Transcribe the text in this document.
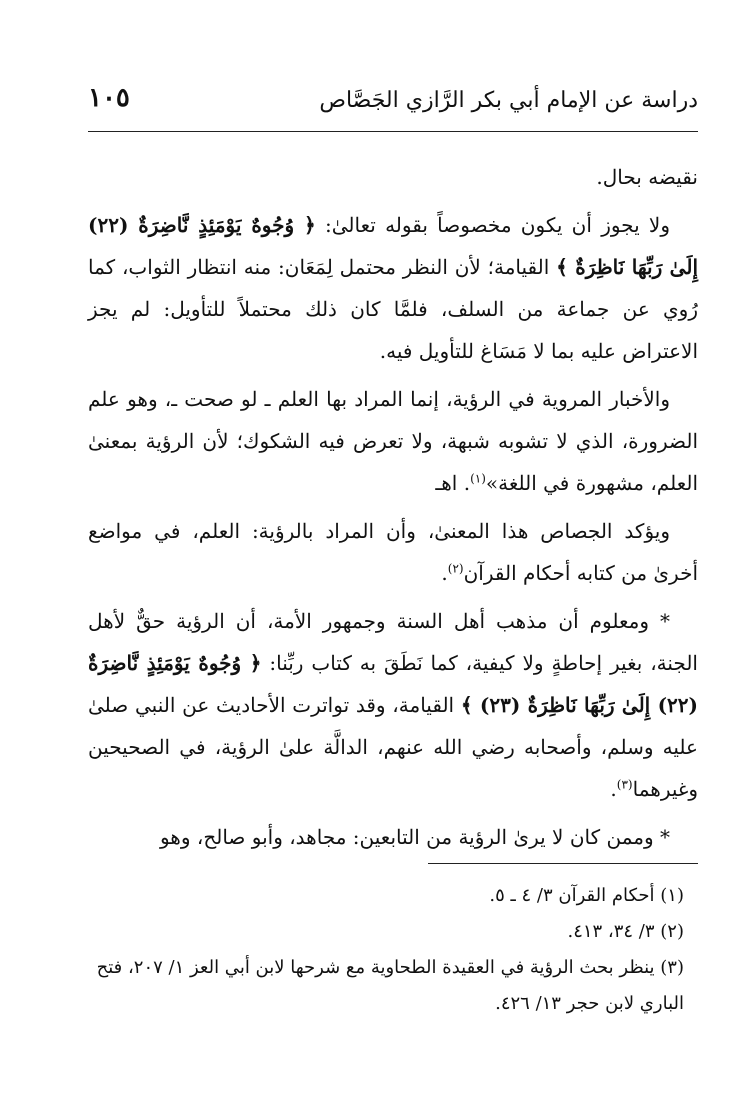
دراسة عن الإمام أبي بكر الرَّازي الجَصَّاص
١٠٥

نقيضه بحال.

ولا يجوز أن يكون مخصوصاً بقوله تعالىٰ: ﴿ وُجُوهٌ يَوْمَئِذٍ نَّاضِرَةٌ (٢٢) إِلَىٰ رَبِّهَا نَاظِرَةٌ ﴾ القيامة؛ لأن النظر محتمل لِمَعَان: منه انتظار الثواب، كما رُوي عن جماعة من السلف، فلمَّا كان ذلك محتملاً للتأويل: لم يجز الاعتراض عليه بما لا مَسَاغ للتأويل فيه.

والأخبار المروية في الرؤية، إنما المراد بها العلم ـ لو صحت ـ، وهو علم الضرورة، الذي لا تشوبه شبهة، ولا تعرض فيه الشكوك؛ لأن الرؤية بمعنىٰ العلم، مشهورة في اللغة»$^{(١)}$. اهـ

ويؤكد الجصاص هذا المعنىٰ، وأن المراد بالرؤية: العلم، في مواضع أخرىٰ من كتابه أحكام القرآن$^{(٢)}$.

* ومعلوم أن مذهب أهل السنة وجمهور الأمة، أن الرؤية حقٌّ لأهل الجنة، بغير إحاطةٍ ولا كيفية، كما نَطَقَ به كتاب ربِّنا: ﴿ وُجُوهٌ يَوْمَئِذٍ نَّاضِرَةٌ (٢٢) إِلَىٰ رَبِّهَا نَاظِرَةٌ (٢٣) ﴾ القيامة، وقد تواترت الأحاديث عن النبي صلىٰ عليه وسلم، وأصحابه رضي الله عنهم، الدالَّة علىٰ الرؤية، في الصحيحين وغيرهما$^{(٣)}$.

* وممن كان لا يرىٰ الرؤية من التابعين: مجاهد، وأبو صالح، وهو

(١) أحكام القرآن ٣/ ٤ ـ ٥.

(٢) ٣/ ٣٤، ٤١٣.

(٣) ينظر بحث الرؤية في العقيدة الطحاوية مع شرحها لابن أبي العز ١/ ٢٠٧، فتح الباري لابن حجر ١٣/ ٤٢٦.
